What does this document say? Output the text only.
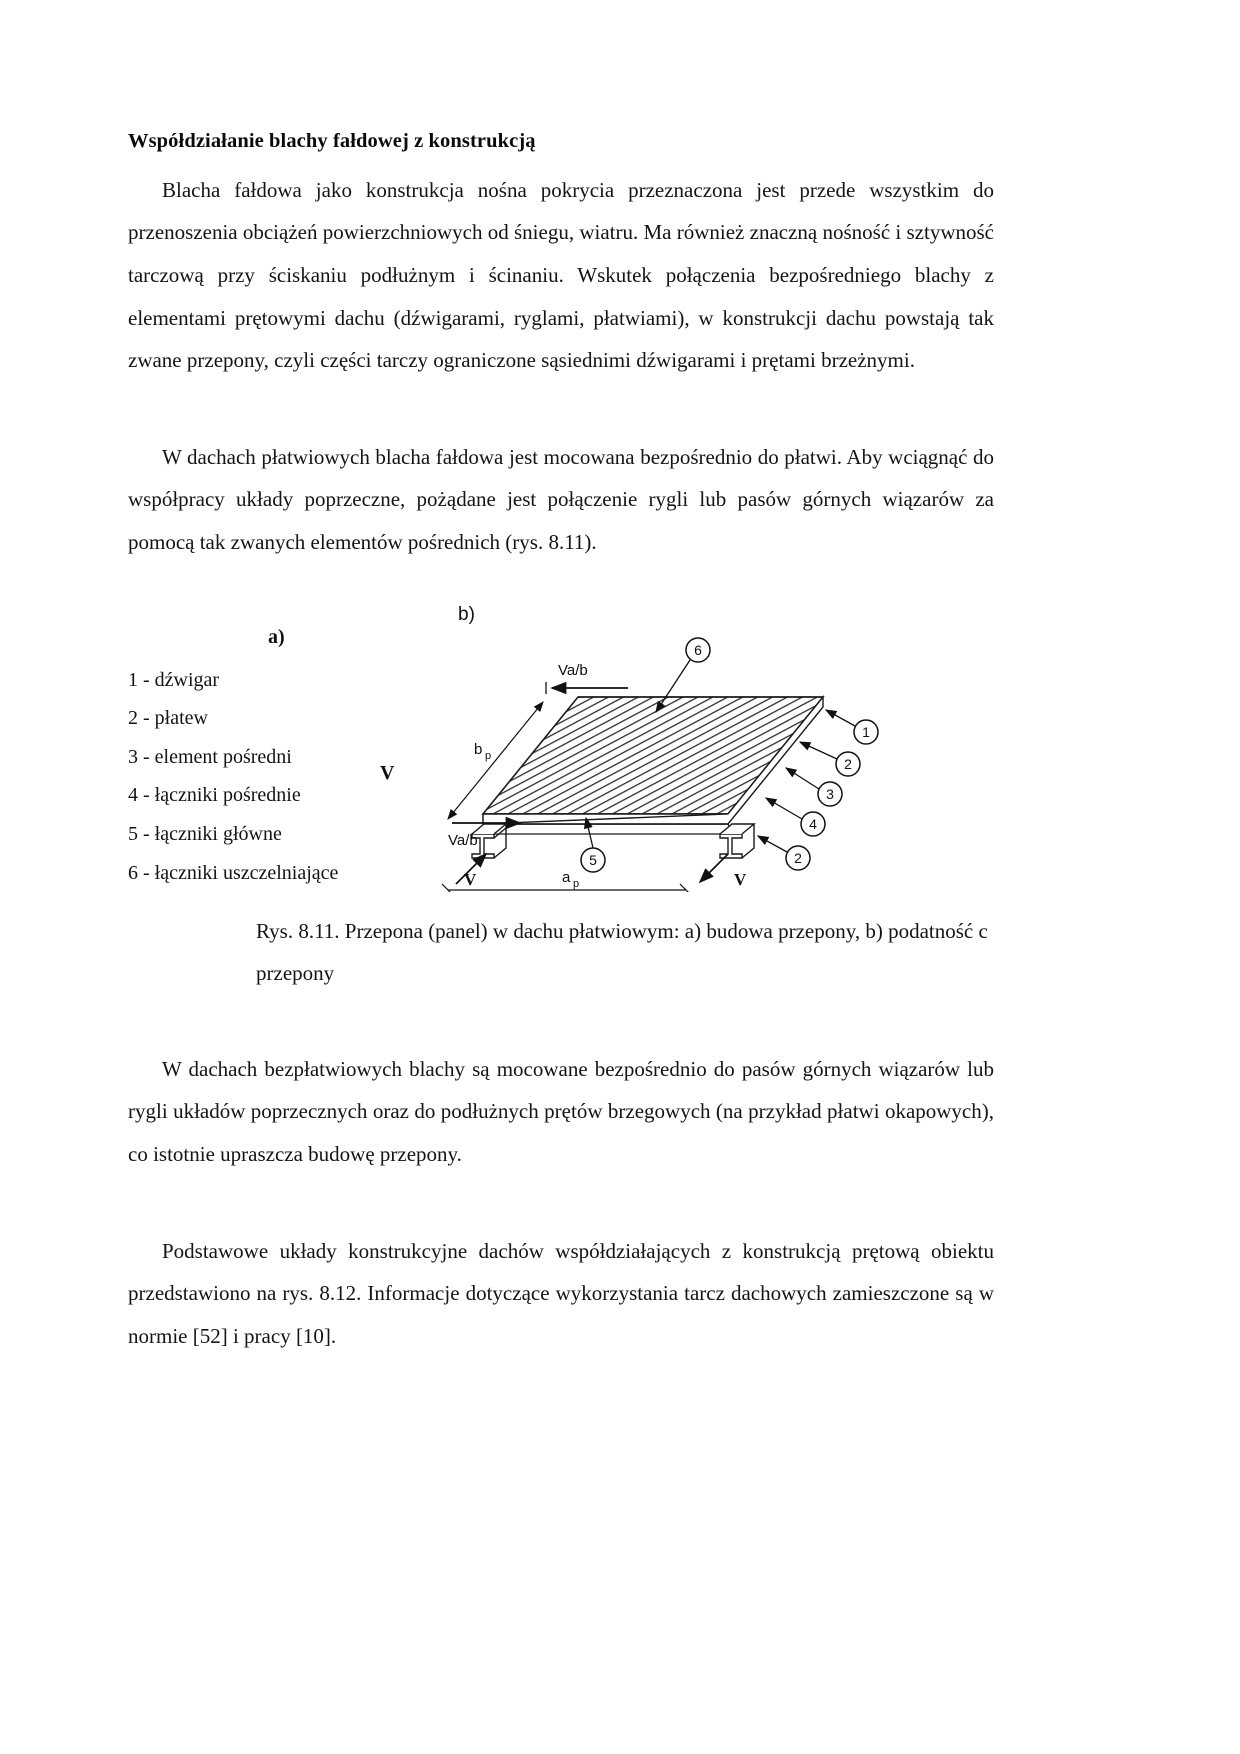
Współdziałanie blachy fałdowej z konstrukcją

Blacha fałdowa jako konstrukcja nośna pokrycia przeznaczona jest przede wszystkim do przenoszenia obciążeń powierzchniowych od śniegu, wiatru. Ma również znaczną nośność i sztywność tarczową przy ściskaniu podłużnym i ścinaniu. Wskutek połączenia bezpośredniego blachy z elementami prętowymi dachu (dźwigarami, ryglami, płatwiami), w konstrukcji dachu powstają tak zwane przepony, czyli części tarczy ograniczone sąsiednimi dźwigarami i prętami brzeżnymi.

W dachach płatwiowych blacha fałdowa jest mocowana bezpośrednio do płatwi. Aby wciągnąć do współpracy układy poprzeczne, pożądane jest połączenie rygli lub pasów górnych wiązarów za pomocą tak zwanych elementów pośrednich (rys. 8.11).

a)
1 - dźwigar
2 - płatew
3 - element pośredni
4 - łączniki pośrednie
5 - łączniki główne
6 - łączniki uszczelniające
V
b)
b p
Va/b
Va/b
V	V
a p
6
1
2
3
4
5	2
Rys. 8.11. Przepona (panel) w dachu płatwiowym: a) budowa przepony, b) podatność c przepony

W dachach bezpłatwiowych blachy są mocowane bezpośrednio do pasów górnych wiązarów lub rygli układów poprzecznych oraz do podłużnych prętów brzegowych (na przykład płatwi okapowych), co istotnie upraszcza budowę przepony.

Podstawowe układy konstrukcyjne dachów współdziałających z konstrukcją prętową obiektu przedstawiono na rys. 8.12. Informacje dotyczące wykorzystania tarcz dachowych zamieszczone są w normie [52] i pracy [10].
